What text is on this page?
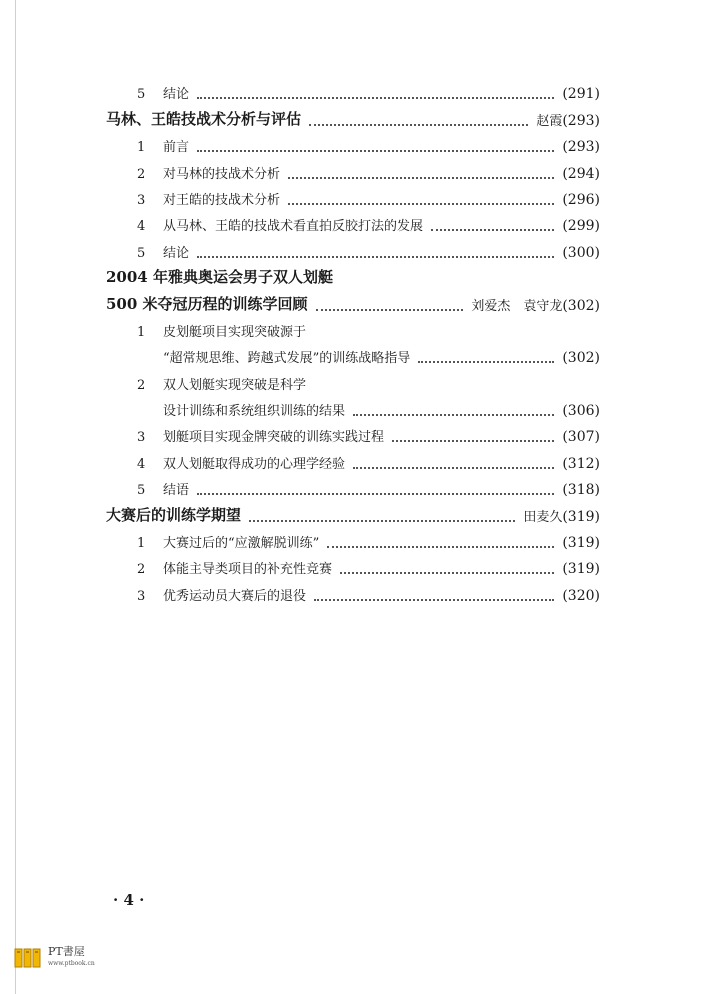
5	结论	(291)
马林、王皓技战术分析与评估	赵霞 (293)
1	前言	(293)
2	对马林的技战术分析	(294)
3	对王皓的技战术分析	(296)
4	从马林、王皓的技战术看直拍反胶打法的发展	(299)
5	结论	(300)
2004 年雅典奥运会男子双人划艇
500 米夺冠历程的训练学回顾	刘爱杰　袁守龙 (302)
1	皮划艇项目实现突破源于
“超常规思维、跨越式发展”的训练战略指导	(302)
2	双人划艇实现突破是科学
设计训练和系统组织训练的结果	(306)
3	划艇项目实现金牌突破的训练实践过程	(307)
4	双人划艇取得成功的心理学经验	(312)
5	结语	(318)
大赛后的训练学期望	田麦久 (319)
1	大赛过后的“应激解脱训练”	(319)
2	体能主导类项目的补充性竞赛	(319)
3	优秀运动员大赛后的退役	(320)
· 4 ·
PT書屋
www.ptbook.cn
